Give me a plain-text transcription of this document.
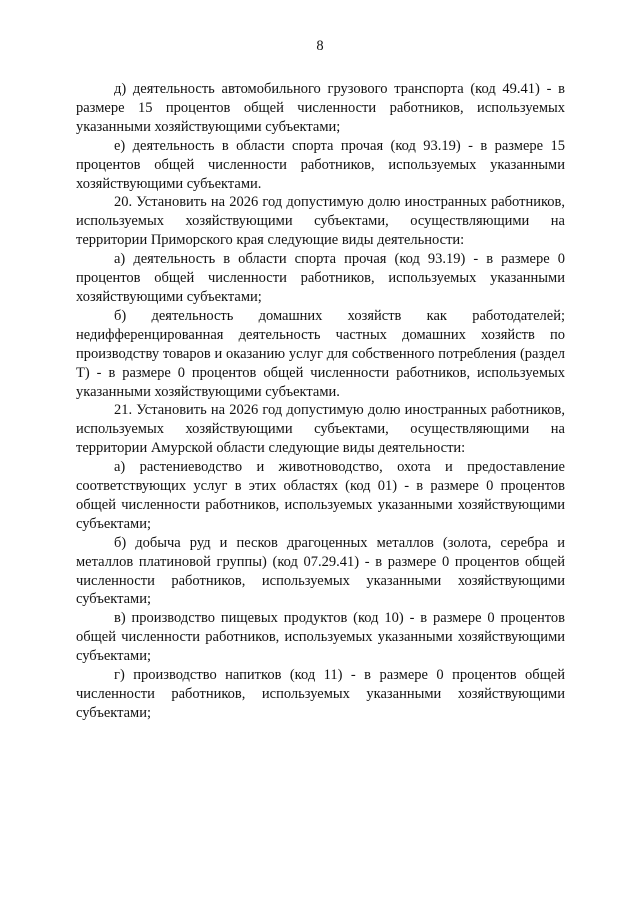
8

д) деятельность автомобильного грузового транспорта (код 49.41) - в размере 15 процентов общей численности работников, используемых указанными хозяйствующими субъектами;

е) деятельность в области спорта прочая (код 93.19) - в размере 15 процентов общей численности работников, используемых указанными хозяйствующими субъектами.

20. Установить на 2026 год допустимую долю иностранных работников, используемых хозяйствующими субъектами, осуществляющими на территории Приморского края следующие виды деятельности:

а) деятельность в области спорта прочая (код 93.19) - в размере 0 процентов общей численности работников, используемых указанными хозяйствующими субъектами;

б) деятельность домашних хозяйств как работодателей; недифференцированная деятельность частных домашних хозяйств по производству товаров и оказанию услуг для собственного потребления (раздел T) - в размере 0 процентов общей численности работников, используемых указанными хозяйствующими субъектами.

21. Установить на 2026 год допустимую долю иностранных работников, используемых хозяйствующими субъектами, осуществляющими на территории Амурской области следующие виды деятельности:

а) растениеводство и животноводство, охота и предоставление соответствующих услуг в этих областях (код 01) - в размере 0 процентов общей численности работников, используемых указанными хозяйствующими субъектами;

б) добыча руд и песков драгоценных металлов (золота, серебра и металлов платиновой группы) (код 07.29.41) - в размере 0 процентов общей численности работников, используемых указанными хозяйствующими субъектами;

в) производство пищевых продуктов (код 10) - в размере 0 процентов общей численности работников, используемых указанными хозяйствующими субъектами;

г) производство напитков (код 11) - в размере 0 процентов общей численности работников, используемых указанными хозяйствующими субъектами;
